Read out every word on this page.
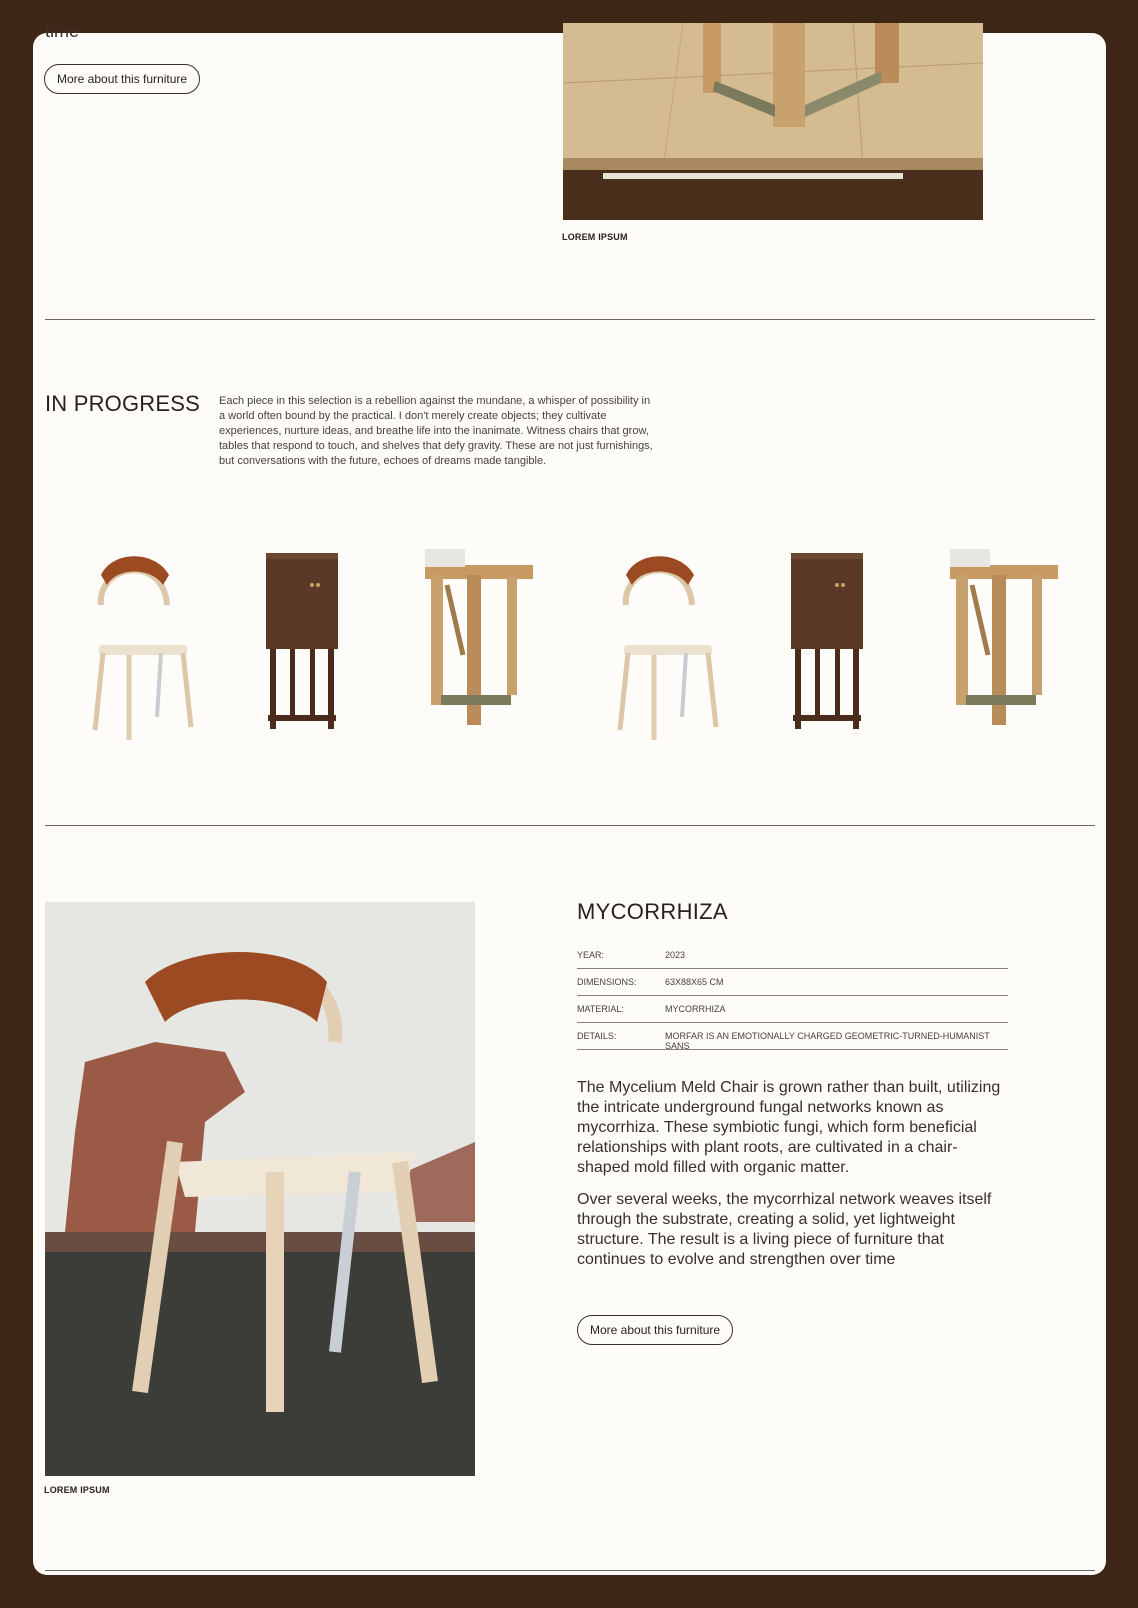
time
More about this furniture
LOREM IPSUM
IN PROGRESS Each piece in this selection is a rebellion against the mundane, a whisper of possibility in a world often bound by the practical. I don't merely create objects; they cultivate experiences, nurture ideas, and breathe life into the inanimate. Witness chairs that grow, tables that respond to touch, and shelves that defy gravity. These are not just furnishings, but conversations with the future, echoes of dreams made tangible.
LOREM IPSUM
MYCORRHIZA
YEAR:	2023
DIMENSIONS:	63X88X65 CM
MATERIAL:	MYCORRHIZA
DETAILS:	MORFAR IS AN EMOTIONALLY CHARGED GEOMETRIC-TURNED-HUMANIST SANS
The Mycelium Meld Chair is grown rather than built, utilizing the intricate underground fungal networks known as mycorrhiza. These symbiotic fungi, which form beneficial relationships with plant roots, are cultivated in a chair-shaped mold filled with organic matter.
Over several weeks, the mycorrhizal network weaves itself through the substrate, creating a solid, yet lightweight structure. The result is a living piece of furniture that continues to evolve and strengthen over time
More about this furniture
